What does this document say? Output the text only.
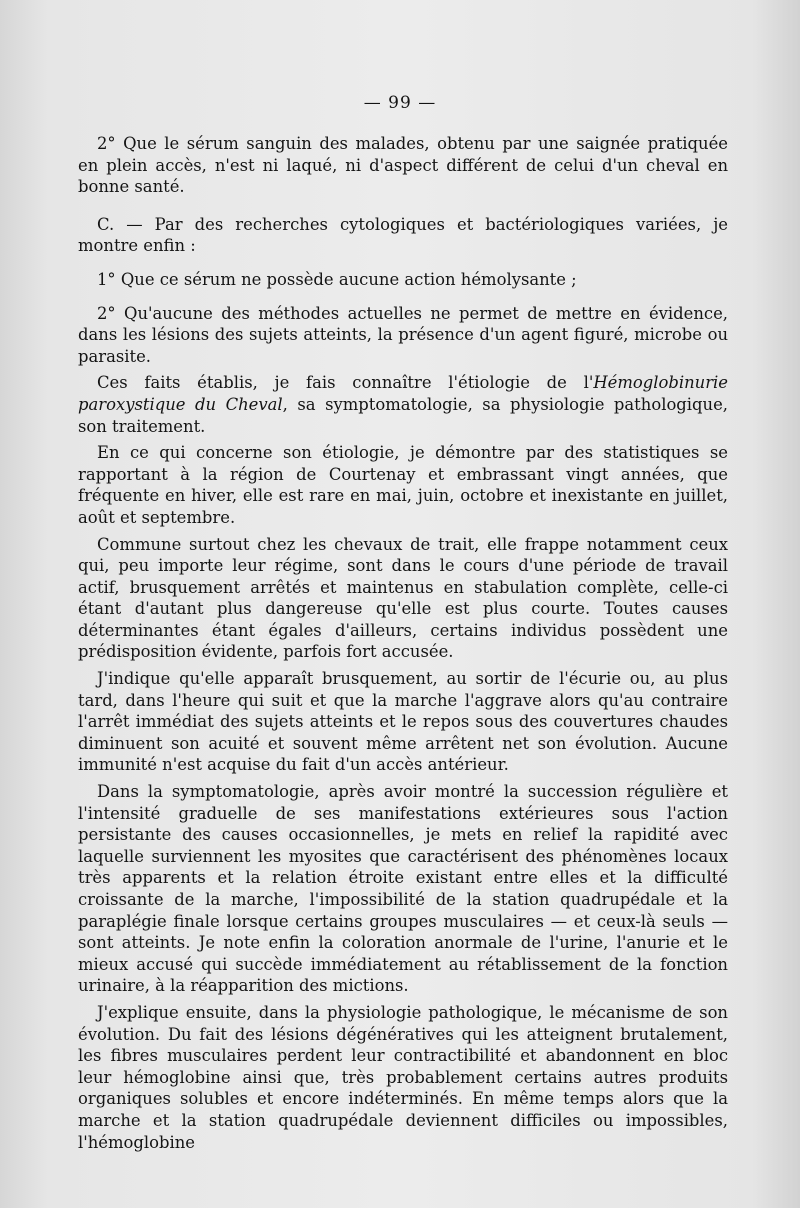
— 99 —

2° Que le sérum sanguin des malades, obtenu par une saignée pratiquée en plein accès, n'est ni laqué, ni d'aspect différent de celui d'un cheval en bonne santé.

C. — Par des recherches cytologiques et bactériologiques variées, je montre enfin :

1° Que ce sérum ne possède aucune action hémolysante ;

2° Qu'aucune des méthodes actuelles ne permet de mettre en évidence, dans les lésions des sujets atteints, la présence d'un agent figuré, microbe ou parasite.

Ces faits établis, je fais connaître l'étiologie de l'Hémoglobinurie paroxystique du Cheval, sa symptomatologie, sa physiologie pathologique, son traitement.

En ce qui concerne son étiologie, je démontre par des statistiques se rapportant à la région de Courtenay et embrassant vingt années, que fréquente en hiver, elle est rare en mai, juin, octobre et inexistante en juillet, août et septembre.

Commune surtout chez les chevaux de trait, elle frappe notamment ceux qui, peu importe leur régime, sont dans le cours d'une période de travail actif, brusquement arrêtés et maintenus en stabulation complète, celle-ci étant d'autant plus dangereuse qu'elle est plus courte. Toutes causes déterminantes étant égales d'ailleurs, certains individus possèdent une prédisposition évidente, parfois fort accusée.

J'indique qu'elle apparaît brusquement, au sortir de l'écurie ou, au plus tard, dans l'heure qui suit et que la marche l'aggrave alors qu'au contraire l'arrêt immédiat des sujets atteints et le repos sous des couvertures chaudes diminuent son acuité et souvent même arrêtent net son évolution. Aucune immunité n'est acquise du fait d'un accès antérieur.

Dans la symptomatologie, après avoir montré la succession régulière et l'intensité graduelle de ses manifestations extérieures sous l'action persistante des causes occasionnelles, je mets en relief la rapidité avec laquelle surviennent les myosites que caractérisent des phénomènes locaux très apparents et la relation étroite existant entre elles et la difficulté croissante de la marche, l'impossibilité de la station quadrupédale et la paraplégie finale lorsque certains groupes musculaires — et ceux-là seuls — sont atteints. Je note enfin la coloration anormale de l'urine, l'anurie et le mieux accusé qui succède immédiatement au rétablissement de la fonction urinaire, à la réapparition des mictions.

J'explique ensuite, dans la physiologie pathologique, le mécanisme de son évolution. Du fait des lésions dégénératives qui les atteignent brutalement, les fibres musculaires perdent leur contractibilité et abandonnent en bloc leur hémoglobine ainsi que, très probablement certains autres produits organiques solubles et encore indéterminés. En même temps alors que la marche et la station quadrupédale deviennent difficiles ou impossibles, l'hémoglobine
